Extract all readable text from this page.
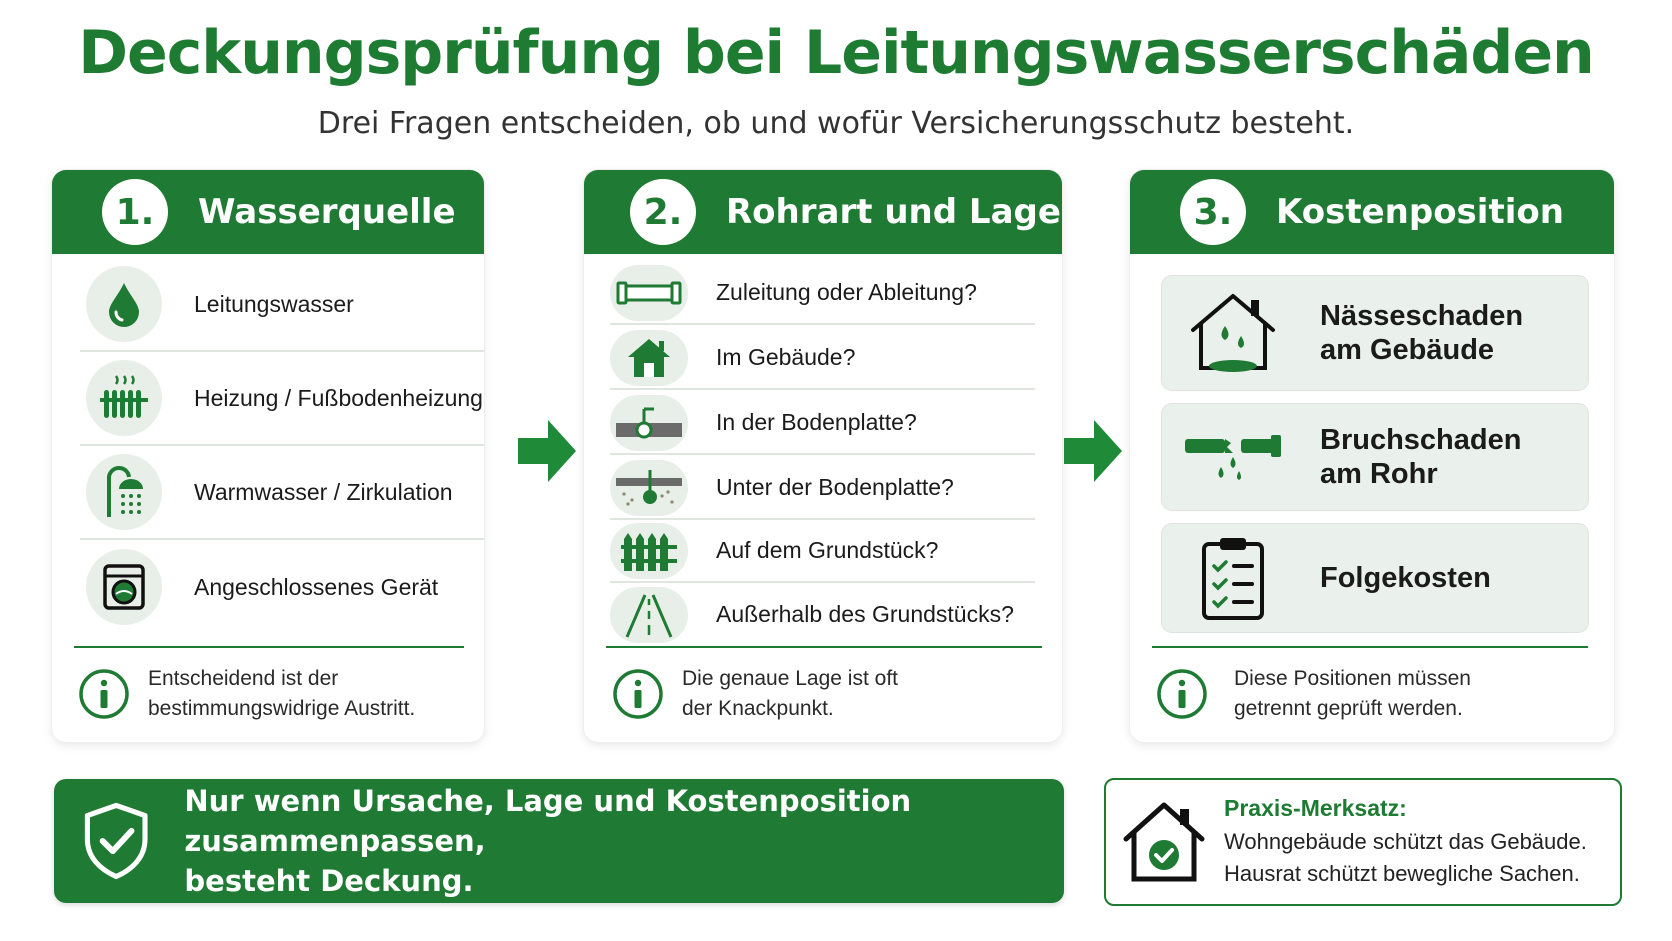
Deckungsprüfung bei Leitungswasserschäden
Drei Fragen entscheiden, ob und wofür Versicherungsschutz besteht.
1.	Wasserquelle
Leitungswasser
Heizung / Fußbodenheizung
Warmwasser / Zirkulation
Angeschlossenes Gerät
Entscheidend ist der
bestimmungswidrige Austritt.
2.	Rohrart und Lage
Zuleitung oder Ableitung?
Im Gebäude?
In der Bodenplatte?
Unter der Bodenplatte?
Auf dem Grundstück?
Außerhalb des Grundstücks?
Die genaue Lage ist oft
der Knackpunkt.
3.	Kostenposition
Nässeschaden
am Gebäude
Bruchschaden
am Rohr
Folgekosten
Diese Positionen müssen
getrennt geprüft werden.
Nur wenn Ursache, Lage und Kostenposition zusammenpassen,
besteht Deckung.
Praxis-Merksatz:
Wohngebäude schützt das Gebäude.
Hausrat schützt bewegliche Sachen.
